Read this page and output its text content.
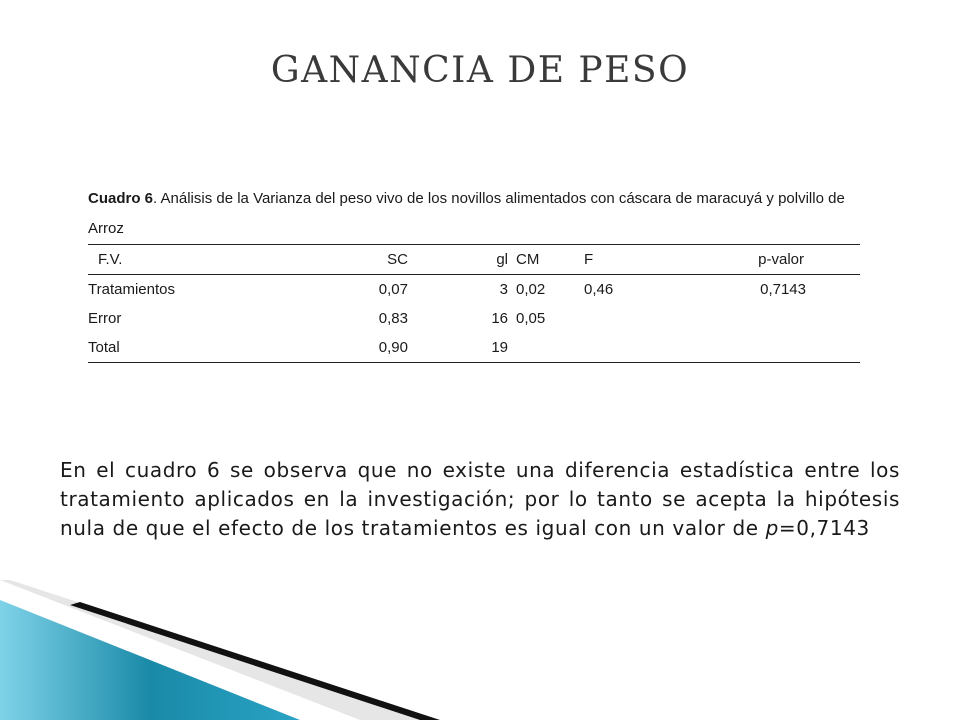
GANANCIA DE PESO

Cuadro 6. Análisis de la Varianza del peso vivo de los novillos alimentados con cáscara de maracuyá y polvillo de Arroz

F.V.	SC	gl	CM	F	p-valor
Tratamientos	0,07	3	0,02	0,46	0,7143
Error	0,83	16	0,05		
Total	0,90	19			

En el cuadro 6 se observa que no existe una diferencia estadística entre los tratamiento aplicados en la investigación; por lo tanto se acepta la hipótesis nula de que el efecto de los tratamientos es igual con un valor de p=0,7143
